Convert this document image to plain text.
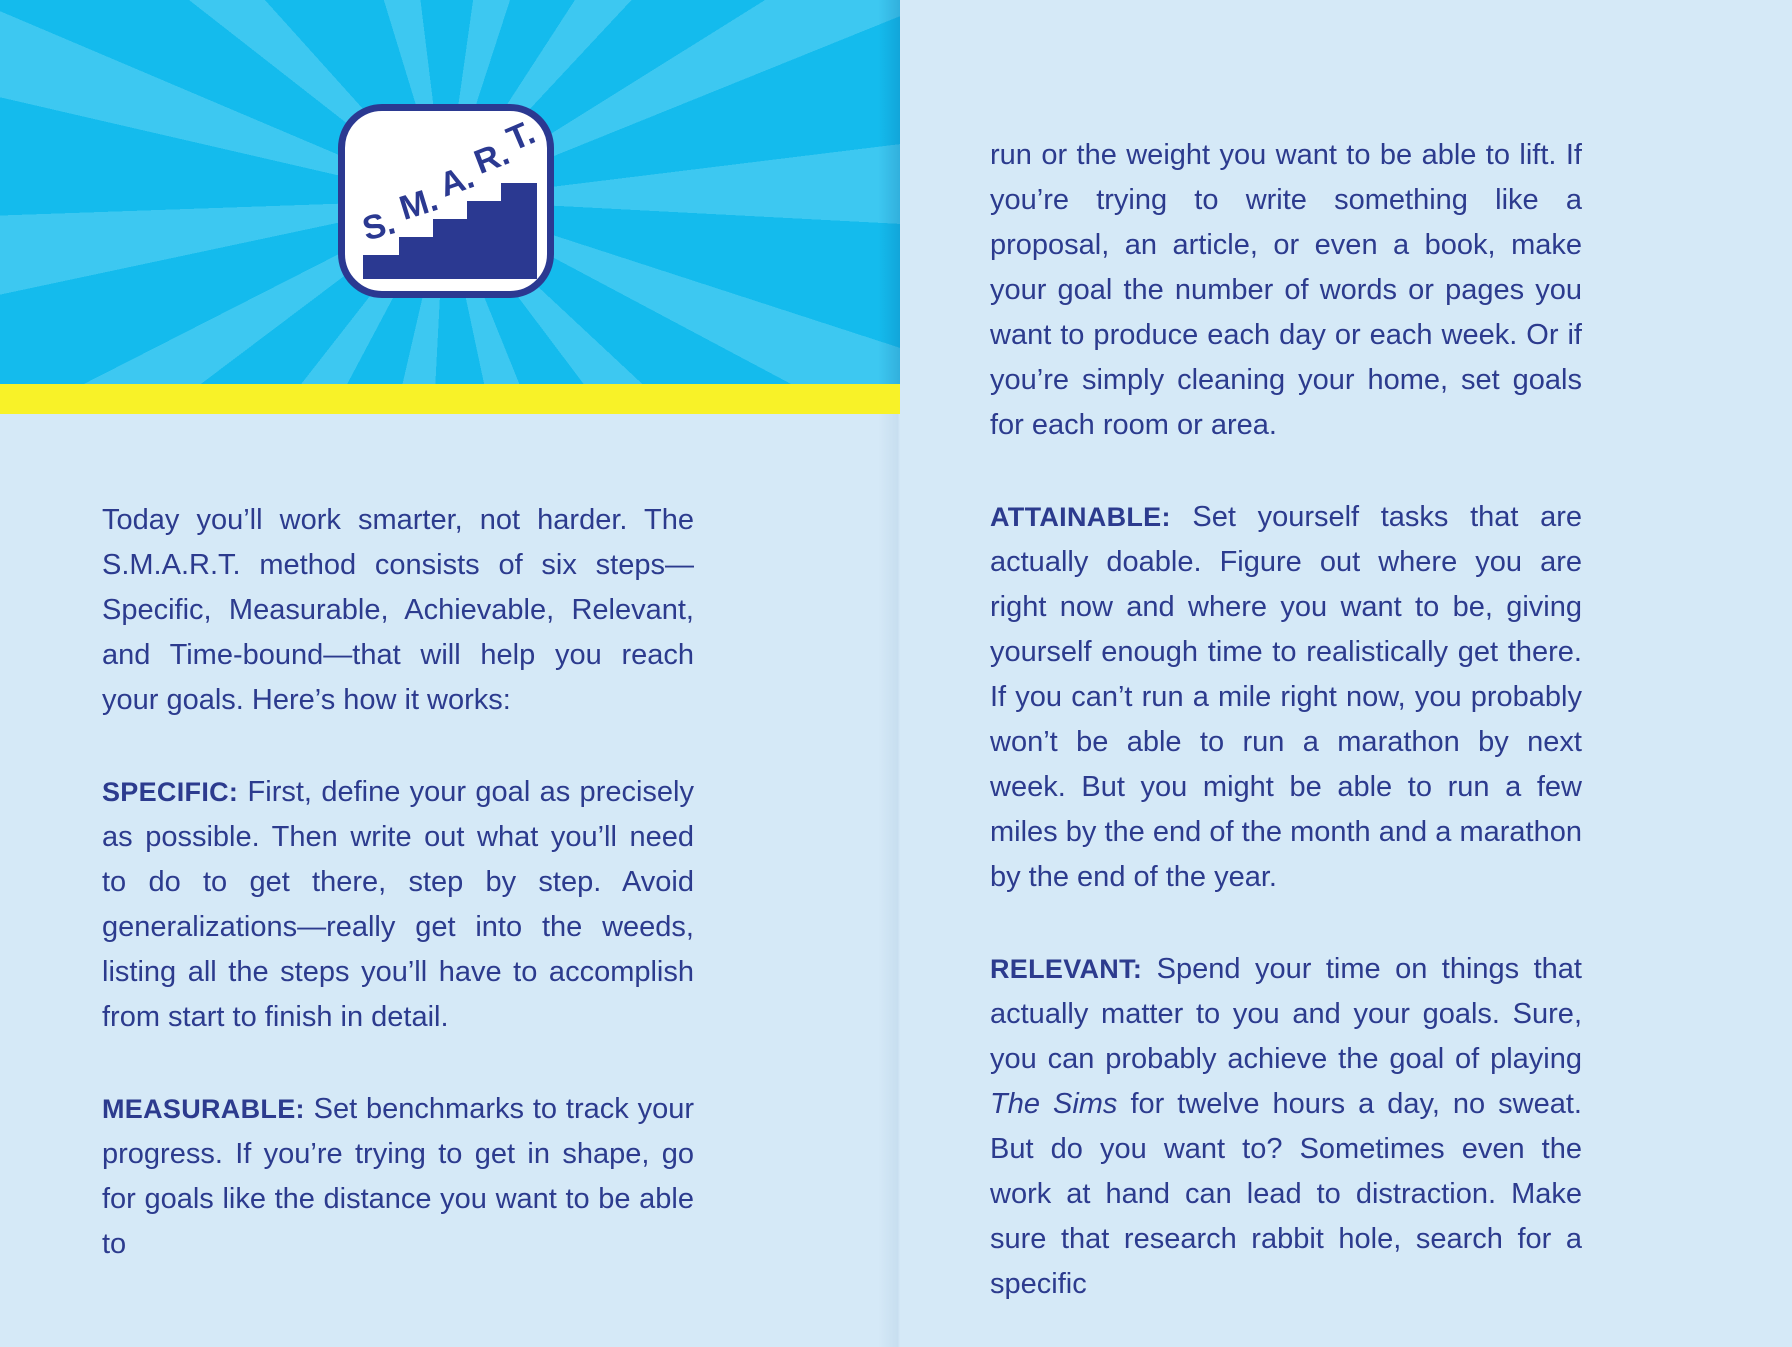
S.
M.
A.
R.
T.

Today you’ll work smarter, not harder. The S.M.A.R.T. method consists of six steps—Specific, Measurable, Achievable, Relevant, and Time-bound—that will help you reach your goals. Here’s how it works:

SPECIFIC: First, define your goal as precisely as possible. Then write out what you’ll need to do to get there, step by step. Avoid generalizations—really get into the weeds, listing all the steps you’ll have to accomplish from start to finish in detail.

MEASURABLE: Set benchmarks to track your progress. If you’re trying to get in shape, go for goals like the distance you want to be able to

run or the weight you want to be able to lift. If you’re trying to write something like a proposal, an article, or even a book, make your goal the number of words or pages you want to produce each day or each week. Or if you’re simply cleaning your home, set goals for each room or area.

ATTAINABLE: Set yourself tasks that are actually doable. Figure out where you are right now and where you want to be, giving yourself enough time to realistically get there. If you can’t run a mile right now, you probably won’t be able to run a marathon by next week. But you might be able to run a few miles by the end of the month and a marathon by the end of the year.

RELEVANT: Spend your time on things that actually matter to you and your goals. Sure, you can probably achieve the goal of playing The Sims for twelve hours a day, no sweat. But do you want to? Sometimes even the work at hand can lead to distraction. Make sure that research rabbit hole, search for a specific
